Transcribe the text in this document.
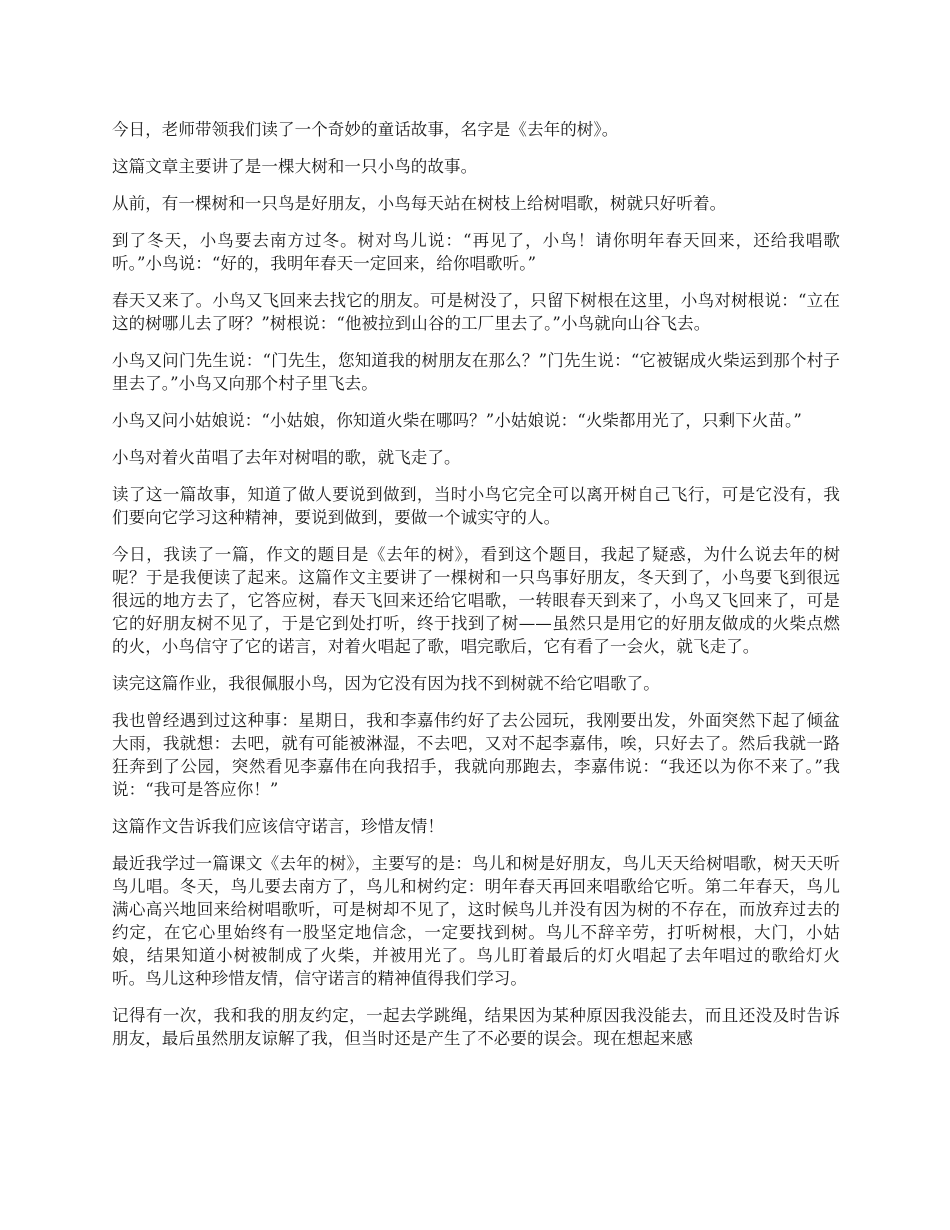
今日，老师带领我们读了一个奇妙的童话故事，名字是《去年的树》。

这篇文章主要讲了是一棵大树和一只小鸟的故事。

从前，有一棵树和一只鸟是好朋友，小鸟每天站在树枝上给树唱歌，树就只好听着。

到了冬天，小鸟要去南方过冬。树对鸟儿说：“再见了，小鸟！请你明年春天回来，还给我唱歌听。”小鸟说：“好的，我明年春天一定回来，给你唱歌听。”

春天又来了。小鸟又飞回来去找它的朋友。可是树没了，只留下树根在这里，小鸟对树根说：“立在这的树哪儿去了呀？”树根说：“他被拉到山谷的工厂里去了。”小鸟就向山谷飞去。

小鸟又问门先生说：“门先生，您知道我的树朋友在那么？”门先生说：“它被锯成火柴运到那个村子里去了。”小鸟又向那个村子里飞去。

小鸟又问小姑娘说：“小姑娘，你知道火柴在哪吗？”小姑娘说：“火柴都用光了，只剩下火苗。”

小鸟对着火苗唱了去年对树唱的歌，就飞走了。

读了这一篇故事，知道了做人要说到做到，当时小鸟它完全可以离开树自己飞行，可是它没有，我们要向它学习这种精神，要说到做到，要做一个诚实守的人。

今日，我读了一篇，作文的题目是《去年的树》，看到这个题目，我起了疑惑，为什么说去年的树呢？于是我便读了起来。这篇作文主要讲了一棵树和一只鸟事好朋友，冬天到了，小鸟要飞到很远很远的地方去了，它答应树，春天飞回来还给它唱歌，一转眼春天到来了，小鸟又飞回来了，可是它的好朋友树不见了，于是它到处打听，终于找到了树——虽然只是用它的好朋友做成的火柴点燃的火，小鸟信守了它的诺言，对着火唱起了歌，唱完歌后，它有看了一会火，就飞走了。

读完这篇作业，我很佩服小鸟，因为它没有因为找不到树就不给它唱歌了。

我也曾经遇到过这种事：星期日，我和李嘉伟约好了去公园玩，我刚要出发，外面突然下起了倾盆大雨，我就想：去吧，就有可能被淋湿，不去吧，又对不起李嘉伟，唉，只好去了。然后我就一路狂奔到了公园，突然看见李嘉伟在向我招手，我就向那跑去，李嘉伟说：“我还以为你不来了。”我说：“我可是答应你！”

这篇作文告诉我们应该信守诺言，珍惜友情！

最近我学过一篇课文《去年的树》，主要写的是：鸟儿和树是好朋友，鸟儿天天给树唱歌，树天天听鸟儿唱。冬天，鸟儿要去南方了，鸟儿和树约定：明年春天再回来唱歌给它听。第二年春天，鸟儿满心高兴地回来给树唱歌听，可是树却不见了，这时候鸟儿并没有因为树的不存在，而放弃过去的约定，在它心里始终有一股坚定地信念，一定要找到树。鸟儿不辞辛劳，打听树根，大门，小姑娘，结果知道小树被制成了火柴，并被用光了。鸟儿盯着最后的灯火唱起了去年唱过的歌给灯火听。鸟儿这种珍惜友情，信守诺言的精神值得我们学习。

记得有一次，我和我的朋友约定，一起去学跳绳，结果因为某种原因我没能去，而且还没及时告诉朋友，最后虽然朋友谅解了我，但当时还是产生了不必要的误会。现在想起来感
